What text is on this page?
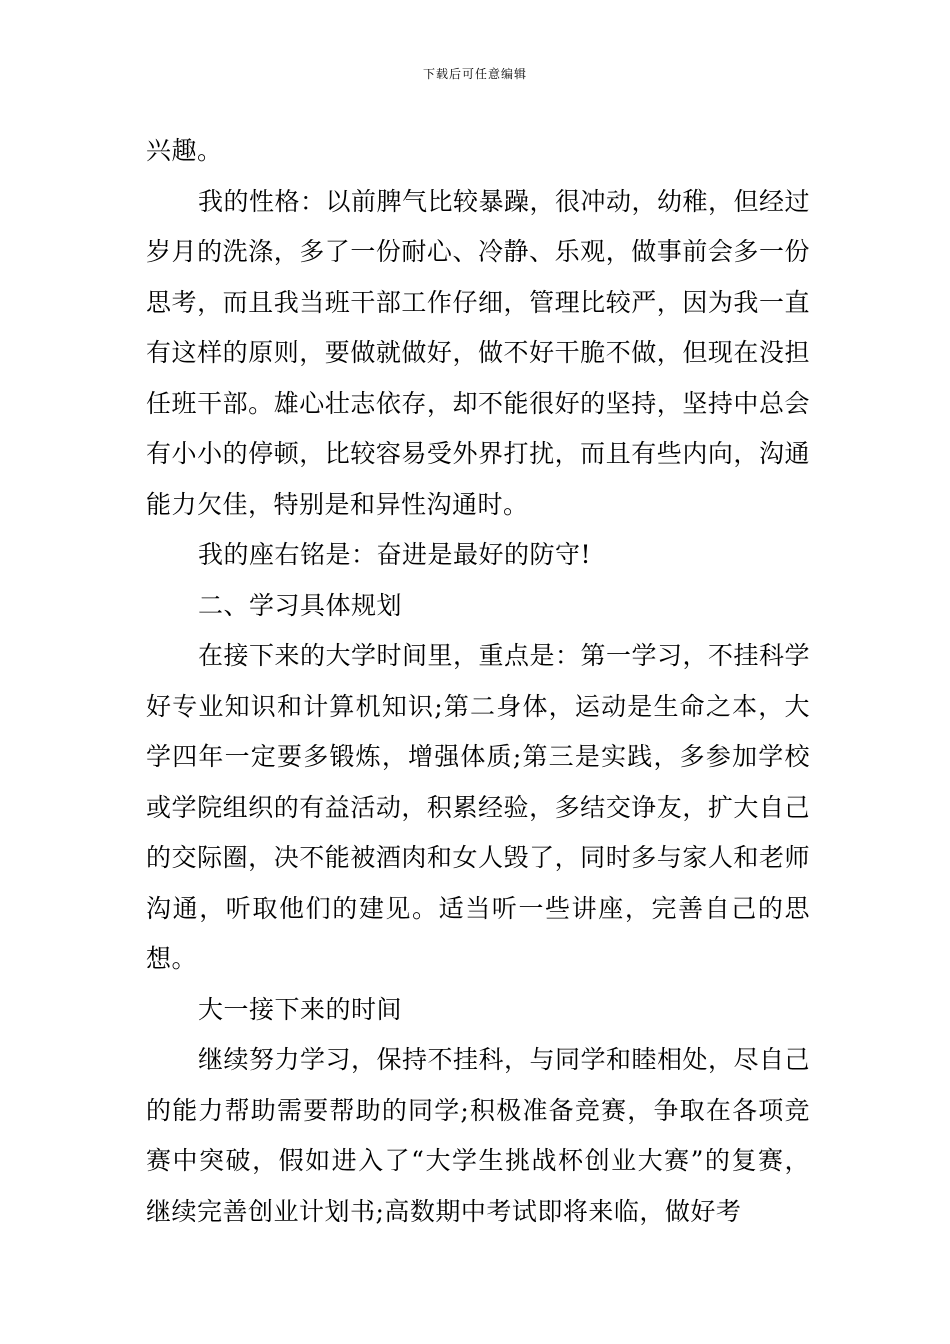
下载后可任意编辑

兴趣。

我的性格：以前脾气比较暴躁，很冲动，幼稚，但经过岁月的洗涤，多了一份耐心、冷静、乐观，做事前会多一份思考，而且我当班干部工作仔细，管理比较严，因为我一直有这样的原则，要做就做好，做不好干脆不做，但现在没担任班干部。雄心壮志依存，却不能很好的坚持，坚持中总会有小小的停顿，比较容易受外界打扰，而且有些内向，沟通能力欠佳，特别是和异性沟通时。

我的座右铭是：奋进是最好的防守!

二、学习具体规划

在接下来的大学时间里，重点是：第一学习，不挂科学好专业知识和计算机知识;第二身体，运动是生命之本，大学四年一定要多锻炼，增强体质;第三是实践，多参加学校或学院组织的有益活动，积累经验，多结交诤友，扩大自己的交际圈，决不能被酒肉和女人毁了，同时多与家人和老师沟通，听取他们的建见。适当听一些讲座，完善自己的思想。

大一接下来的时间

继续努力学习，保持不挂科，与同学和睦相处，尽自己的能力帮助需要帮助的同学;积极准备竞赛，争取在各项竞赛中突破，假如进入了“大学生挑战杯创业大赛”的复赛，继续完善创业计划书;高数期中考试即将来临，做好考
